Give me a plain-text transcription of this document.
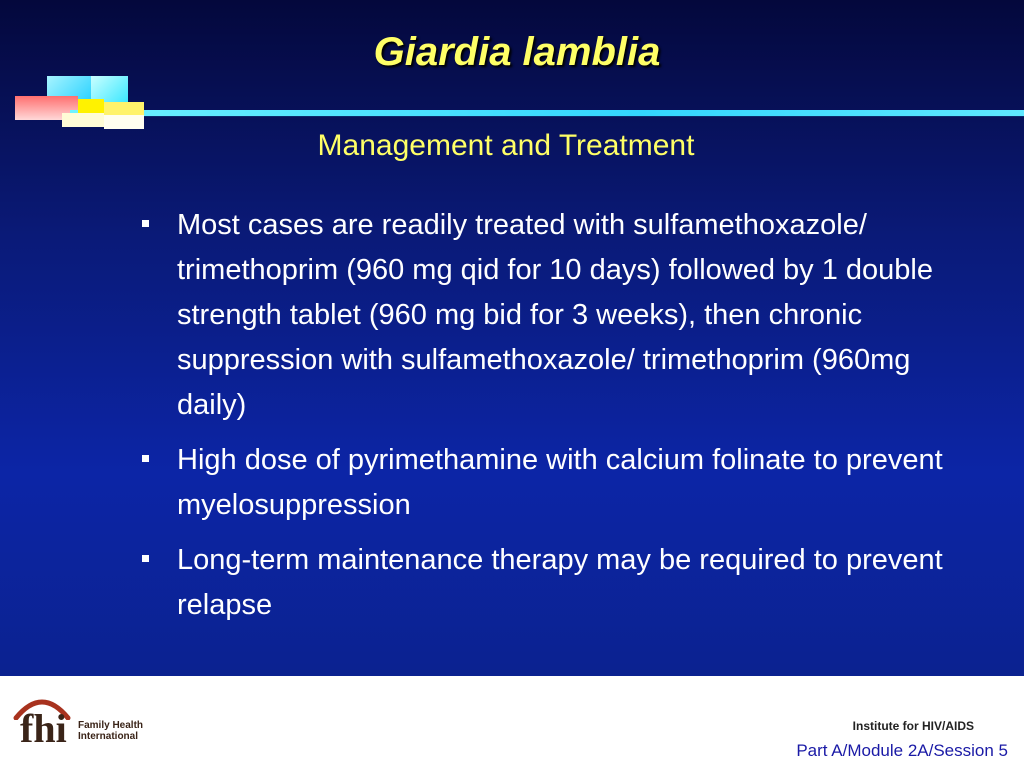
Giardia lamblia
Management and Treatment
Most cases are readily treated with sulfamethoxazole/ trimethoprim (960 mg qid for 10 days) followed by 1 double strength tablet (960 mg bid for 3 weeks), then chronic suppression with sulfamethoxazole/ trimethoprim (960mg daily)
High dose of pyrimethamine with calcium folinate to prevent myelosuppression
Long-term maintenance therapy may be required to prevent relapse
fhi Family Health International
Institute for HIV/AIDS
Part A/Module 2A/Session 5
